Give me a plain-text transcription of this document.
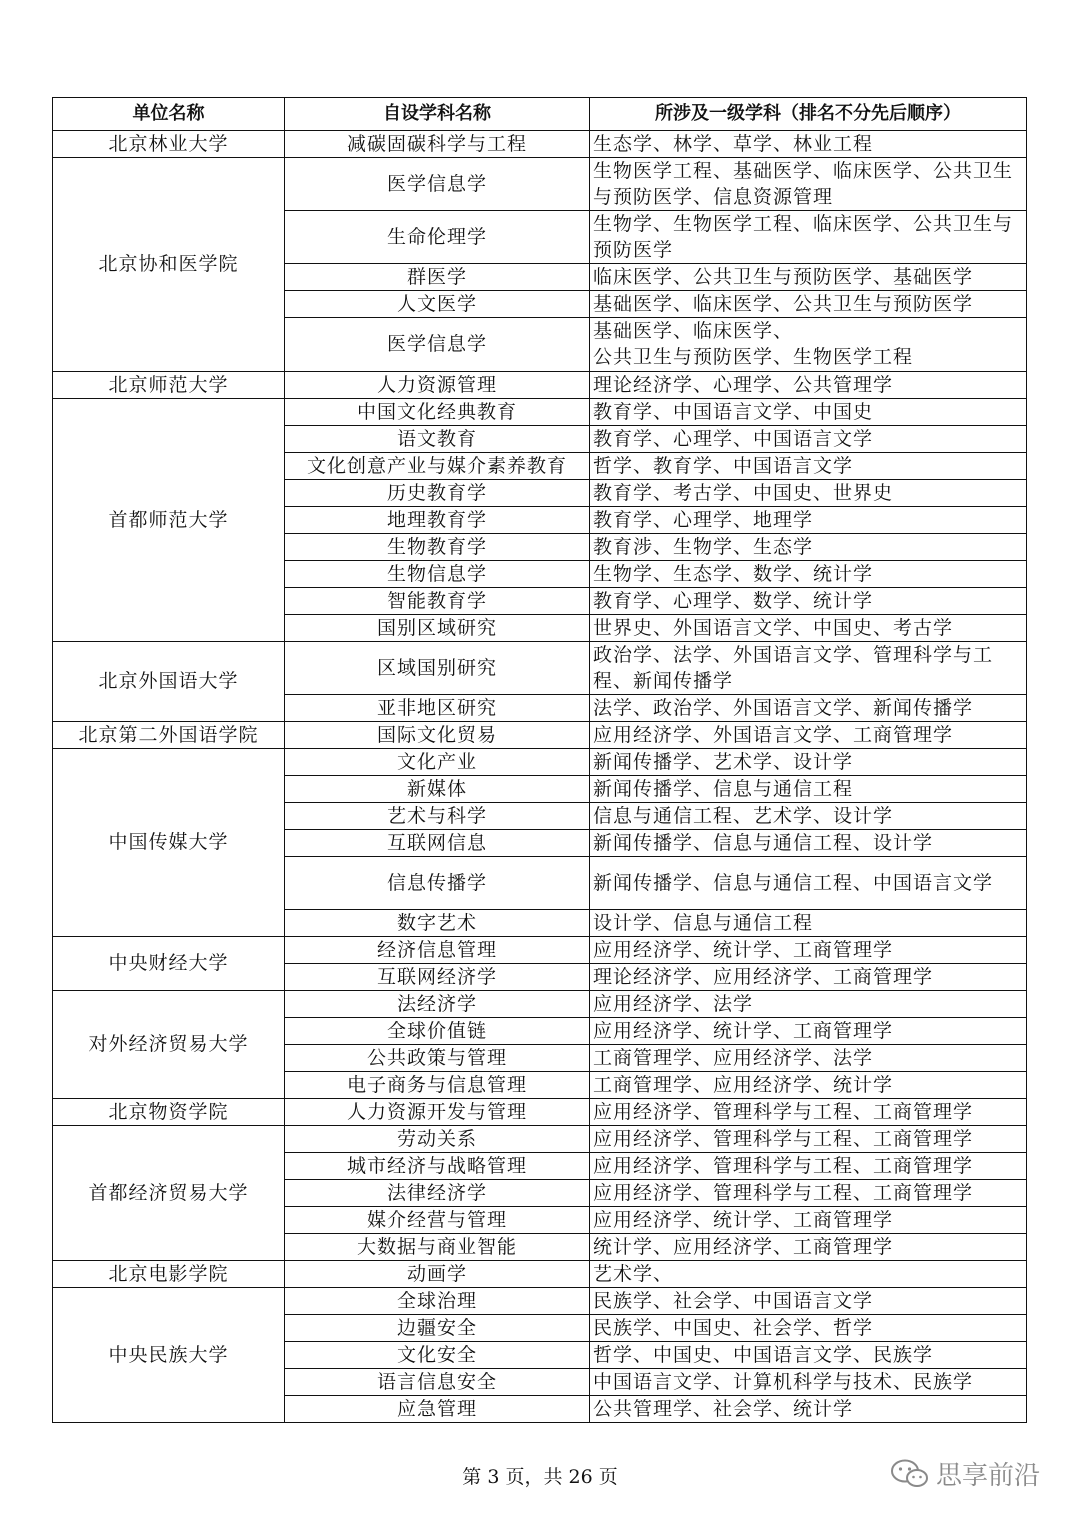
单位名称	自设学科名称	所涉及一级学科（排名不分先后顺序）
北京林业大学	减碳固碳科学与工程	生态学、林学、草学、林业工程
北京协和医学院	医学信息学	生物医学工程、基础医学、临床医学、公共卫生与预防医学、信息资源管理
	生命伦理学	生物学、生物医学工程、临床医学、公共卫生与预防医学
	群医学	临床医学、公共卫生与预防医学、基础医学
	人文医学	基础医学、临床医学、公共卫生与预防医学
	医学信息学	基础医学、临床医学、
公共卫生与预防医学、生物医学工程
北京师范大学	人力资源管理	理论经济学、心理学、公共管理学
首都师范大学	中国文化经典教育	教育学、中国语言文学、中国史
	语文教育	教育学、心理学、中国语言文学
	文化创意产业与媒介素养教育	哲学、教育学、中国语言文学
	历史教育学	教育学、考古学、中国史、世界史
	地理教育学	教育学、心理学、地理学
	生物教育学	教育涉、生物学、生态学
	生物信息学	生物学、生态学、数学、统计学
	智能教育学	教育学、心理学、数学、统计学
	国别区域研究	世界史、外国语言文学、中国史、考古学
北京外国语大学	区域国别研究	政治学、法学、外国语言文学、管理科学与工程、新闻传播学
	亚非地区研究	法学、政治学、外国语言文学、新闻传播学
北京第二外国语学院	国际文化贸易	应用经济学、外国语言文学、工商管理学
中国传媒大学	文化产业	新闻传播学、艺术学、设计学
	新媒体	新闻传播学、信息与通信工程
	艺术与科学	信息与通信工程、艺术学、设计学
	互联网信息	新闻传播学、信息与通信工程、设计学
	信息传播学	新闻传播学、信息与通信工程、中国语言文学
	数字艺术	设计学、信息与通信工程
中央财经大学	经济信息管理	应用经济学、统计学、工商管理学
	互联网经济学	理论经济学、应用经济学、工商管理学
对外经济贸易大学	法经济学	应用经济学、法学
	全球价值链	应用经济学、统计学、工商管理学
	公共政策与管理	工商管理学、应用经济学、法学
	电子商务与信息管理	工商管理学、应用经济学、统计学
北京物资学院	人力资源开发与管理	应用经济学、管理科学与工程、工商管理学
首都经济贸易大学	劳动关系	应用经济学、管理科学与工程、工商管理学
	城市经济与战略管理	应用经济学、管理科学与工程、工商管理学
	法律经济学	应用经济学、管理科学与工程、工商管理学
	媒介经营与管理	应用经济学、统计学、工商管理学
	大数据与商业智能	统计学、应用经济学、工商管理学
北京电影学院	动画学	艺术学、
中央民族大学	全球治理	民族学、社会学、中国语言文学
	边疆安全	民族学、中国史、社会学、哲学
	文化安全	哲学、中国史、中国语言文学、民族学
	语言信息安全	中国语言文学、计算机科学与技术、民族学
	应急管理	公共管理学、社会学、统计学
第 3 页，共 26 页	思享前沿
